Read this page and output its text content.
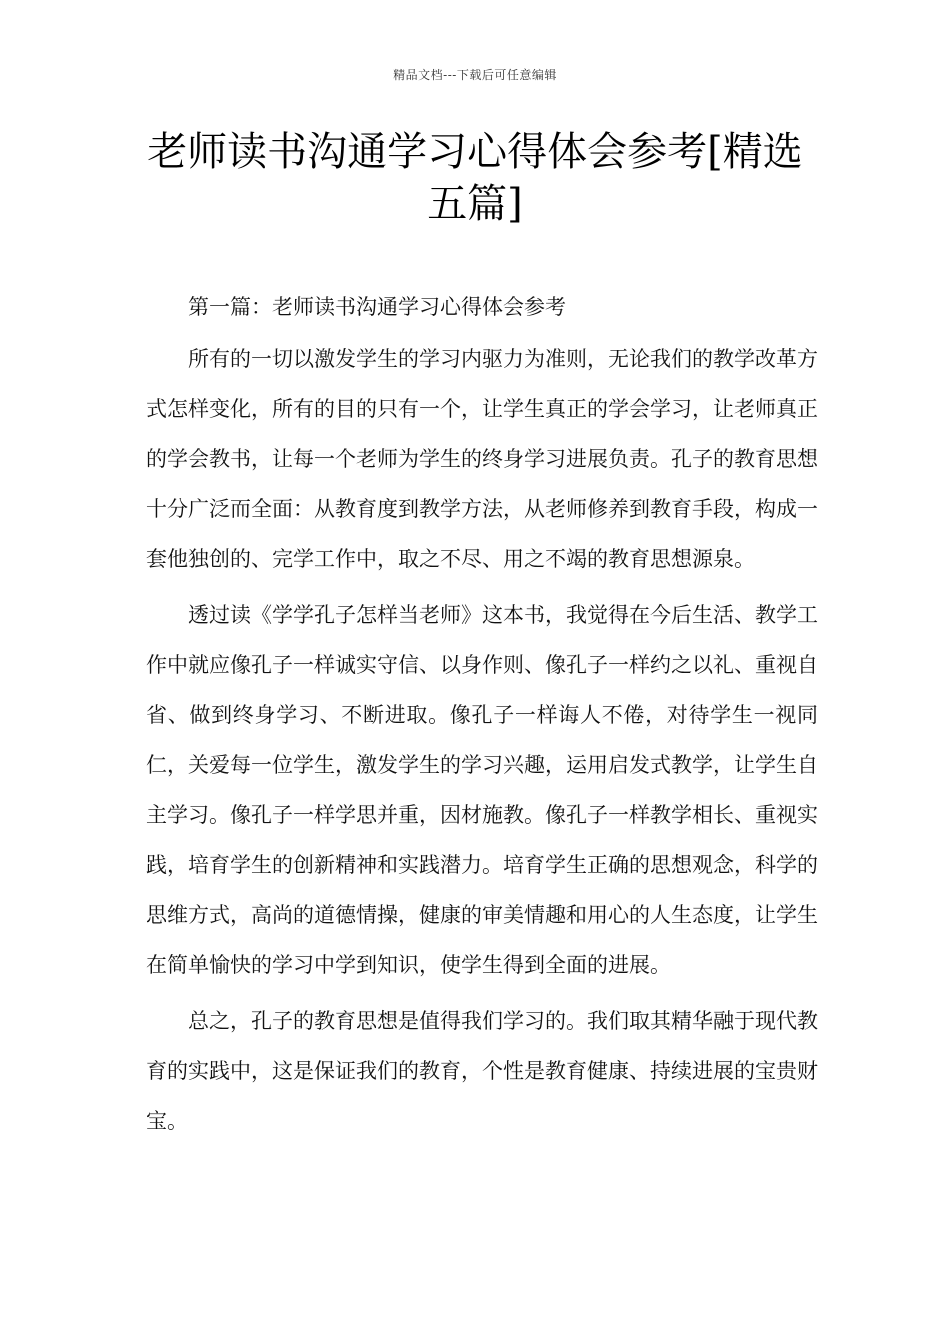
精品文档---下载后可任意编辑
老师读书沟通学习心得体会参考[精选五篇]

第一篇：老师读书沟通学习心得体会参考

所有的一切以激发学生的学习内驱力为准则，无论我们的教学改革方式怎样变化，所有的目的只有一个，让学生真正的学会学习，让老师真正的学会教书，让每一个老师为学生的终身学习进展负责。孔子的教育思想十分广泛而全面：从教育度到教学方法，从老师修养到教育手段，构成一套他独创的、完学工作中，取之不尽、用之不竭的教育思想源泉。

透过读《学学孔子怎样当老师》这本书，我觉得在今后生活、教学工作中就应像孔子一样诚实守信、以身作则、像孔子一样约之以礼、重视自省、做到终身学习、不断进取。像孔子一样诲人不倦，对待学生一视同仁，关爱每一位学生，激发学生的学习兴趣，运用启发式教学，让学生自主学习。像孔子一样学思并重，因材施教。像孔子一样教学相长、重视实践，培育学生的创新精神和实践潜力。培育学生正确的思想观念，科学的思维方式，高尚的道德情操，健康的审美情趣和用心的人生态度，让学生在简单愉快的学习中学到知识，使学生得到全面的进展。

总之，孔子的教育思想是值得我们学习的。我们取其精华融于现代教育的实践中，这是保证我们的教育，个性是教育健康、持续进展的宝贵财宝。
